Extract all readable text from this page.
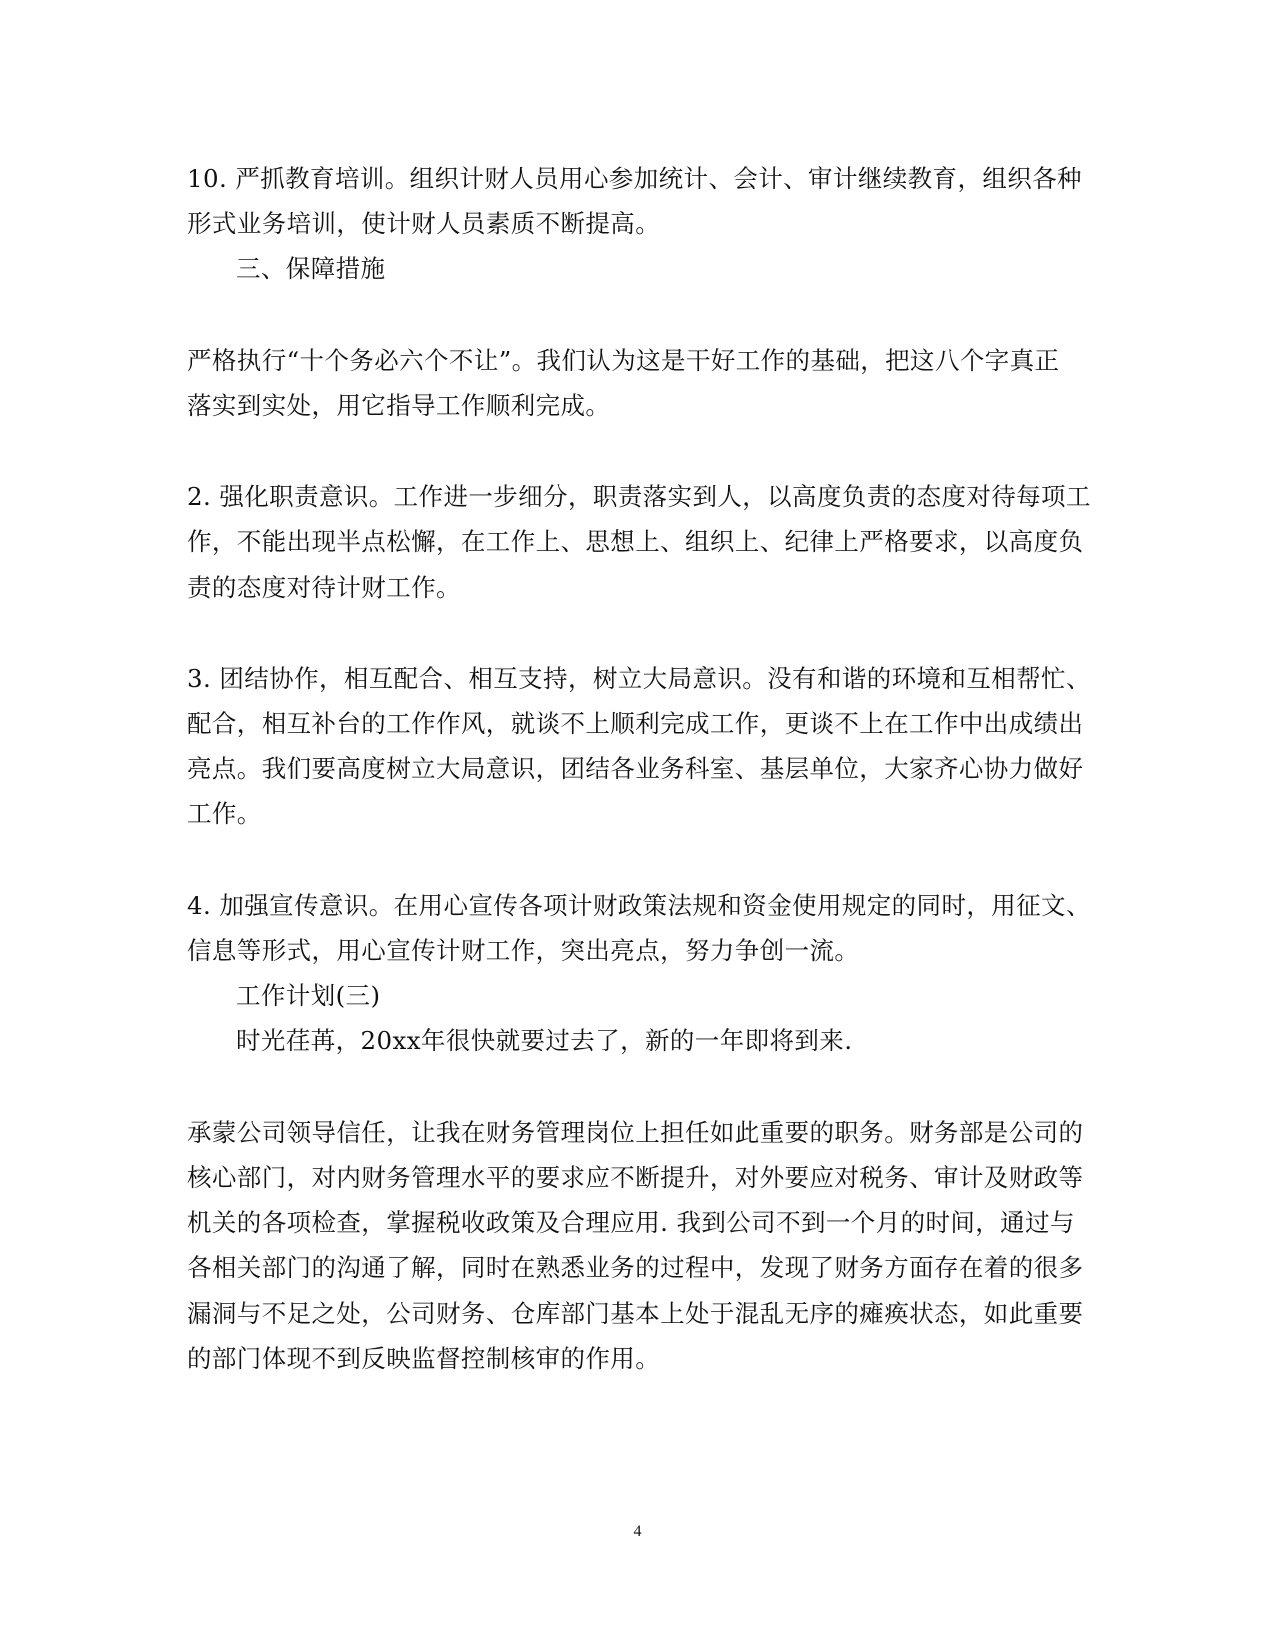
10. 严抓教育培训。组织计财人员用心参加统计、会计、审计继续教育，组织各种
形式业务培训，使计财人员素质不断提高。
三、保障措施
严格执行“十个务必六个不让”。我们认为这是干好工作的基础，把这八个字真正
落实到实处，用它指导工作顺利完成。
2. 强化职责意识。工作进一步细分，职责落实到人，以高度负责的态度对待每项工
作，不能出现半点松懈，在工作上、思想上、组织上、纪律上严格要求，以高度负
责的态度对待计财工作。
3. 团结协作，相互配合、相互支持，树立大局意识。没有和谐的环境和互相帮忙、
配合，相互补台的工作作风，就谈不上顺利完成工作，更谈不上在工作中出成绩出
亮点。我们要高度树立大局意识，团结各业务科室、基层单位，大家齐心协力做好
工作。
4. 加强宣传意识。在用心宣传各项计财政策法规和资金使用规定的同时，用征文、
信息等形式，用心宣传计财工作，突出亮点，努力争创一流。
工作计划(三)
时光荏苒，20xx年很快就要过去了，新的一年即将到来.
承蒙公司领导信任，让我在财务管理岗位上担任如此重要的职务。财务部是公司的
核心部门，对内财务管理水平的要求应不断提升，对外要应对税务、审计及财政等
机关的各项检查，掌握税收政策及合理应用. 我到公司不到一个月的时间，通过与
各相关部门的沟通了解，同时在熟悉业务的过程中，发现了财务方面存在着的很多
漏洞与不足之处，公司财务、仓库部门基本上处于混乱无序的瘫痪状态，如此重要
的部门体现不到反映监督控制核审的作用。
4
